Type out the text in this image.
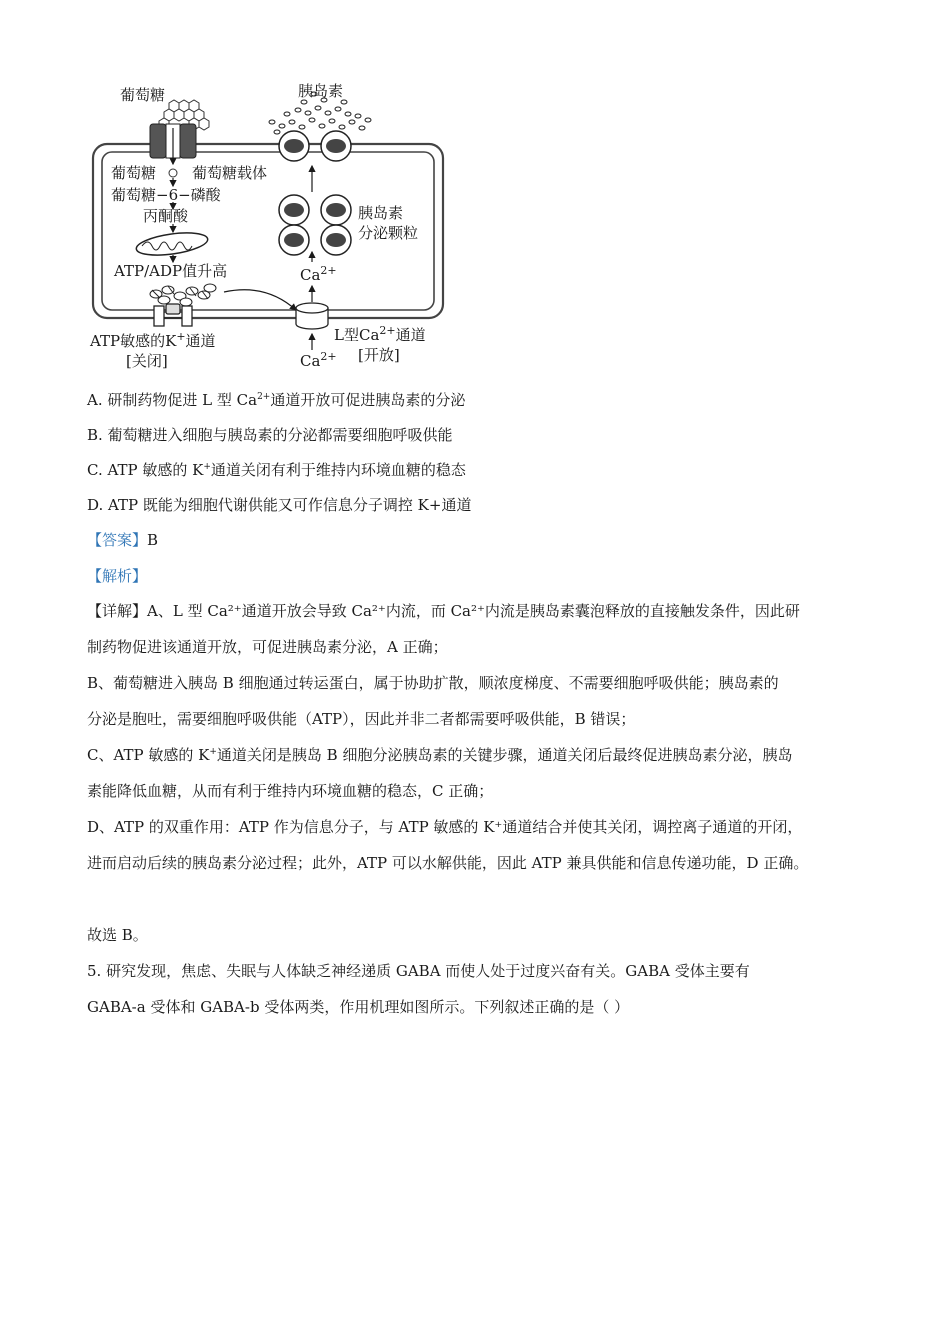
葡萄糖
葡萄糖 葡萄糖载体
葡萄糖−6−磷酸
丙酮酸
ATP/ADP值升高
ATP敏感的K+通道
[关闭]
L型$Ca^{2+}$通道
[开放]
$Ca^{2+}$
$Ca^{2+}$
胰岛素
分泌颗粒
胰岛素
A. 研制药物促进 L 型 $Ca^{2+}$通道开放可促进胰岛素的分泌
B. 葡萄糖进入细胞与胰岛素的分泌都需要细胞呼吸供能
C. ATP 敏感的 K+通道关闭有利于维持内环境血糖的稳态
D. ATP 既能为细胞代谢供能又可作信息分子调控 K+通道
【答案】B
【解析】
【详解】A、L 型 Ca²⁺通道开放会导致 Ca²⁺内流，而 Ca²⁺内流是胰岛素囊泡释放的直接触发条件，因此研
制药物促进该通道开放，可促进胰岛素分泌，A 正确；
B、葡萄糖进入胰岛 B 细胞通过转运蛋白，属于协助扩散，顺浓度梯度、不需要细胞呼吸供能；胰岛素的
分泌是胞吐，需要细胞呼吸供能（ATP），因此并非二者都需要呼吸供能，B 错误；
C、ATP 敏感的 K+通道关闭是胰岛 B 细胞分泌胰岛素的关键步骤，通道关闭后最终促进胰岛素分泌，胰岛
素能降低血糖，从而有利于维持内环境血糖的稳态，C 正确；
D、ATP 的双重作用：ATP 作为信息分子，与 ATP 敏感的 K⁺通道结合并使其关闭，调控离子通道的开闭，
进而启动后续的胰岛素分泌过程；此外，ATP 可以水解供能，因此 ATP 兼具供能和信息传递功能，D 正确。
故选 B。
5. 研究发现，焦虑、失眠与人体缺乏神经递质 GABA 而使人处于过度兴奋有关。GABA 受体主要有
GABA-a 受体和 GABA-b 受体两类，作用机理如图所示。下列叙述正确的是（ ）
